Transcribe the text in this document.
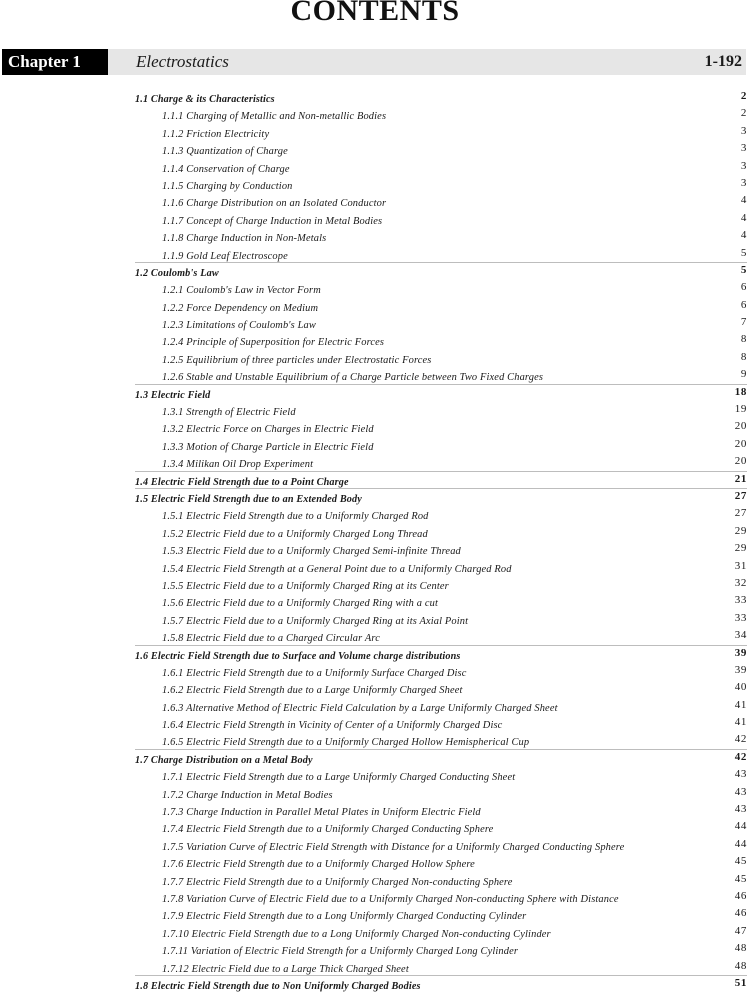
CONTENTS
Chapter 1	Electrostatics	1-192
1.1 Charge & its Characteristics	2
1.1.1 Charging of Metallic and Non-metallic Bodies	2
1.1.2 Friction Electricity	3
1.1.3 Quantization of Charge	3
1.1.4 Conservation of Charge	3
1.1.5 Charging by Conduction	3
1.1.6 Charge Distribution on an Isolated Conductor	4
1.1.7 Concept of Charge Induction in Metal Bodies	4
1.1.8 Charge Induction in Non-Metals	4
1.1.9 Gold Leaf Electroscope	5
1.2 Coulomb's Law	5
1.2.1 Coulomb's Law in Vector Form	6
1.2.2 Force Dependency on Medium	6
1.2.3 Limitations of Coulomb's Law	7
1.2.4 Principle of Superposition for Electric Forces	8
1.2.5 Equilibrium of three particles under Electrostatic Forces	8
1.2.6 Stable and Unstable Equilibrium of a Charge Particle between Two Fixed Charges	9
1.3 Electric Field	18
1.3.1 Strength of Electric Field	19
1.3.2 Electric Force on Charges in Electric Field	20
1.3.3 Motion of Charge Particle in Electric Field	20
1.3.4 Milikan Oil Drop Experiment	20
1.4 Electric Field Strength due to a Point Charge	21
1.5 Electric Field Strength due to an Extended Body	27
1.5.1 Electric Field Strength due to a Uniformly Charged Rod	27
1.5.2 Electric Field due to a Uniformly Charged Long Thread	29
1.5.3 Electric Field due to a Uniformly Charged Semi-infinite Thread	29
1.5.4 Electric Field Strength at a General Point due to a Uniformly Charged Rod	31
1.5.5 Electric Field due to a Uniformly Charged Ring at its Center	32
1.5.6 Electric Field due to a Uniformly Charged Ring with a cut	33
1.5.7 Electric Field due to a Uniformly Charged Ring at its Axial Point	33
1.5.8 Electric Field due to a Charged Circular Arc	34
1.6 Electric Field Strength due to Surface and Volume charge distributions	39
1.6.1 Electric Field Strength due to a Uniformly Surface Charged Disc	39
1.6.2 Electric Field Strength due to a Large Uniformly Charged Sheet	40
1.6.3 Alternative Method of Electric Field Calculation by a Large Uniformly Charged Sheet	41
1.6.4 Electric Field Strength in Vicinity of Center of a Uniformly Charged Disc	41
1.6.5 Electric Field Strength due to a Uniformly Charged Hollow Hemispherical Cup	42
1.7 Charge Distribution on a Metal Body	42
1.7.1 Electric Field Strength due to a Large Uniformly Charged Conducting Sheet	43
1.7.2 Charge Induction in Metal Bodies	43
1.7.3 Charge Induction in Parallel Metal Plates in Uniform Electric Field	43
1.7.4 Electric Field Strength due to a Uniformly Charged Conducting Sphere	44
1.7.5 Variation Curve of Electric Field Strength with Distance for a Uniformly Charged Conducting Sphere	44
1.7.6 Electric Field Strength due to a Uniformly Charged Hollow Sphere	45
1.7.7 Electric Field Strength due to a Uniformly Charged Non-conducting Sphere	45
1.7.8 Variation Curve of Electric Field due to a Uniformly Charged Non-conducting Sphere with Distance	46
1.7.9 Electric Field Strength due to a Long Uniformly Charged Conducting Cylinder	46
1.7.10 Electric Field Strength due to a Long Uniformly Charged Non-conducting Cylinder	47
1.7.11 Variation of Electric Field Strength for a Uniformly Charged Long Cylinder	48
1.7.12 Electric Field due to a Large Thick Charged Sheet	48
1.8 Electric Field Strength due to Non Uniformly Charged Bodies	51
